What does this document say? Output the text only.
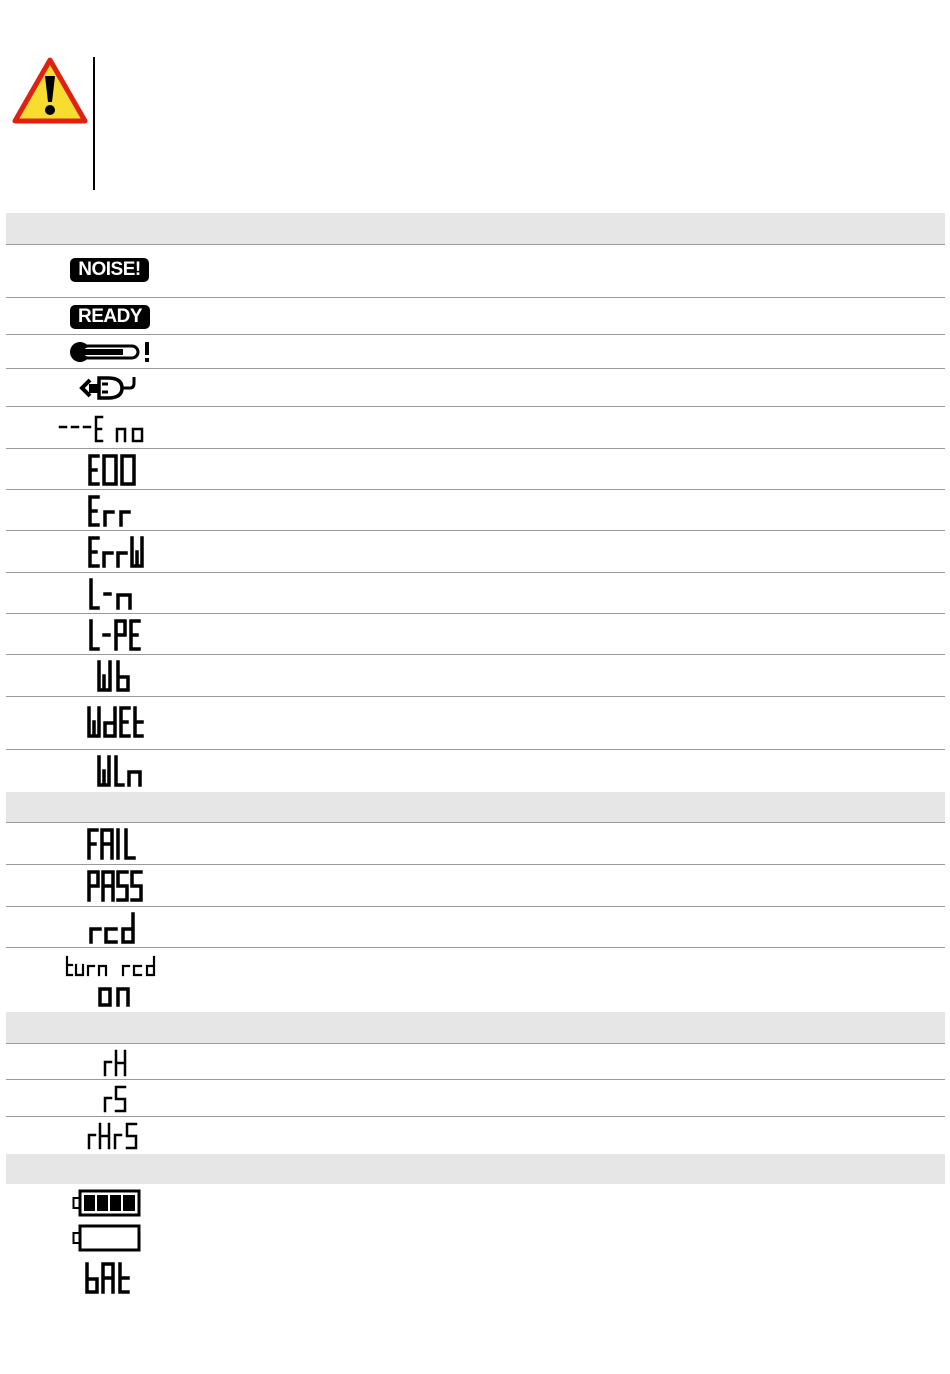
NOISE!
READY
